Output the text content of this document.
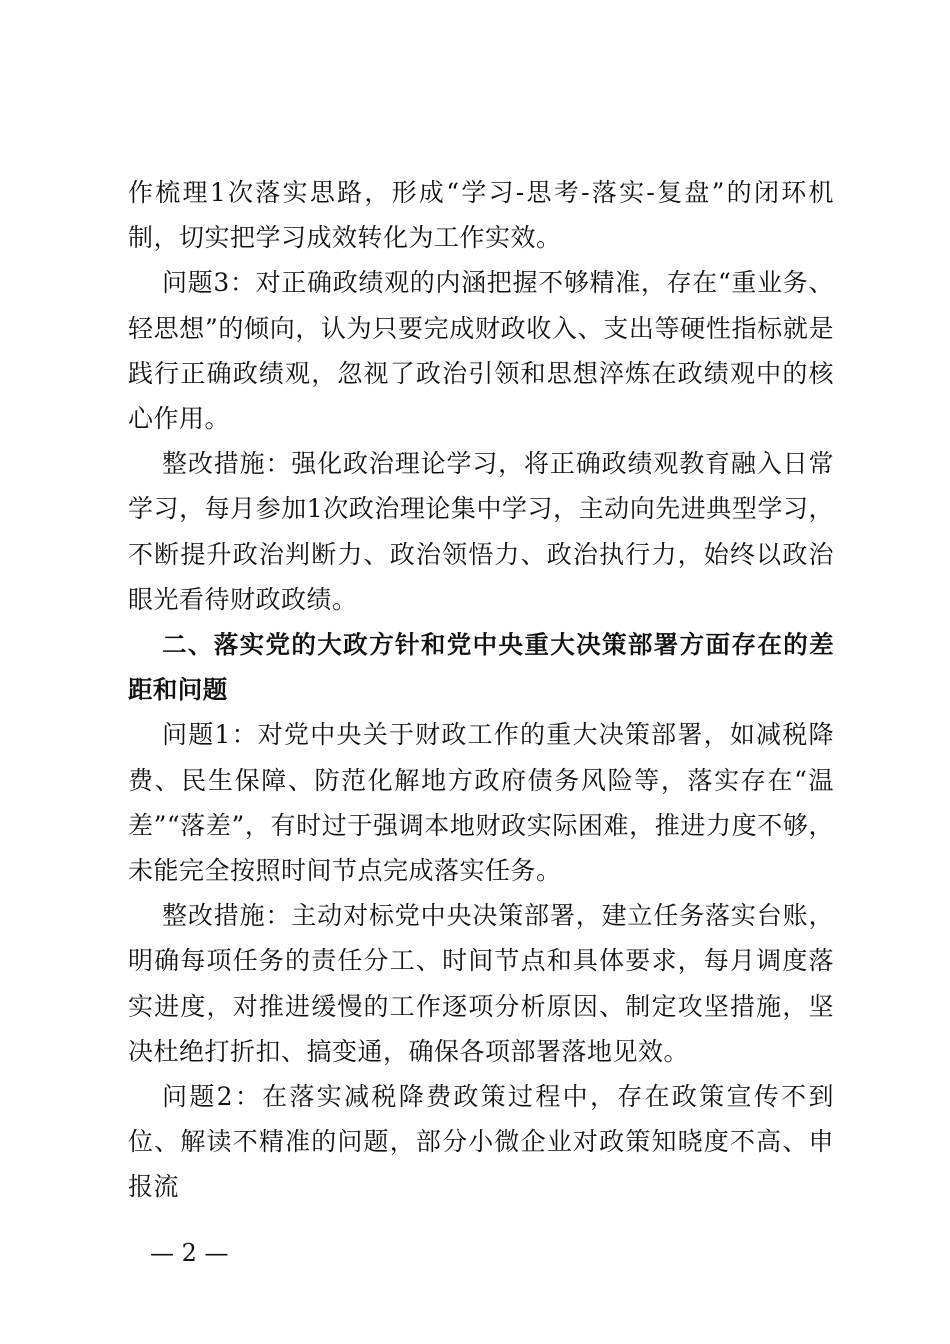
作梳理1次落实思路，形成“学习-思考-落实-复盘”的闭环机制，切实把学习成效转化为工作实效。

问题3：对正确政绩观的内涵把握不够精准，存在“重业务、轻思想”的倾向，认为只要完成财政收入、支出等硬性指标就是践行正确政绩观，忽视了政治引领和思想淬炼在政绩观中的核心作用。

整改措施：强化政治理论学习，将正确政绩观教育融入日常学习，每月参加1次政治理论集中学习，主动向先进典型学习，不断提升政治判断力、政治领悟力、政治执行力，始终以政治眼光看待财政政绩。

二、落实党的大政方针和党中央重大决策部署方面存在的差距和问题

问题1：对党中央关于财政工作的重大决策部署，如减税降费、民生保障、防范化解地方政府债务风险等，落实存在“温差”“落差”，有时过于强调本地财政实际困难，推进力度不够，未能完全按照时间节点完成落实任务。

整改措施：主动对标党中央决策部署，建立任务落实台账，明确每项任务的责任分工、时间节点和具体要求，每月调度落实进度，对推进缓慢的工作逐项分析原因、制定攻坚措施，坚决杜绝打折扣、搞变通，确保各项部署落地见效。

问题2：在落实减税降费政策过程中，存在政策宣传不到位、解读不精准的问题，部分小微企业对政策知晓度不高、申报流

— 2 —
